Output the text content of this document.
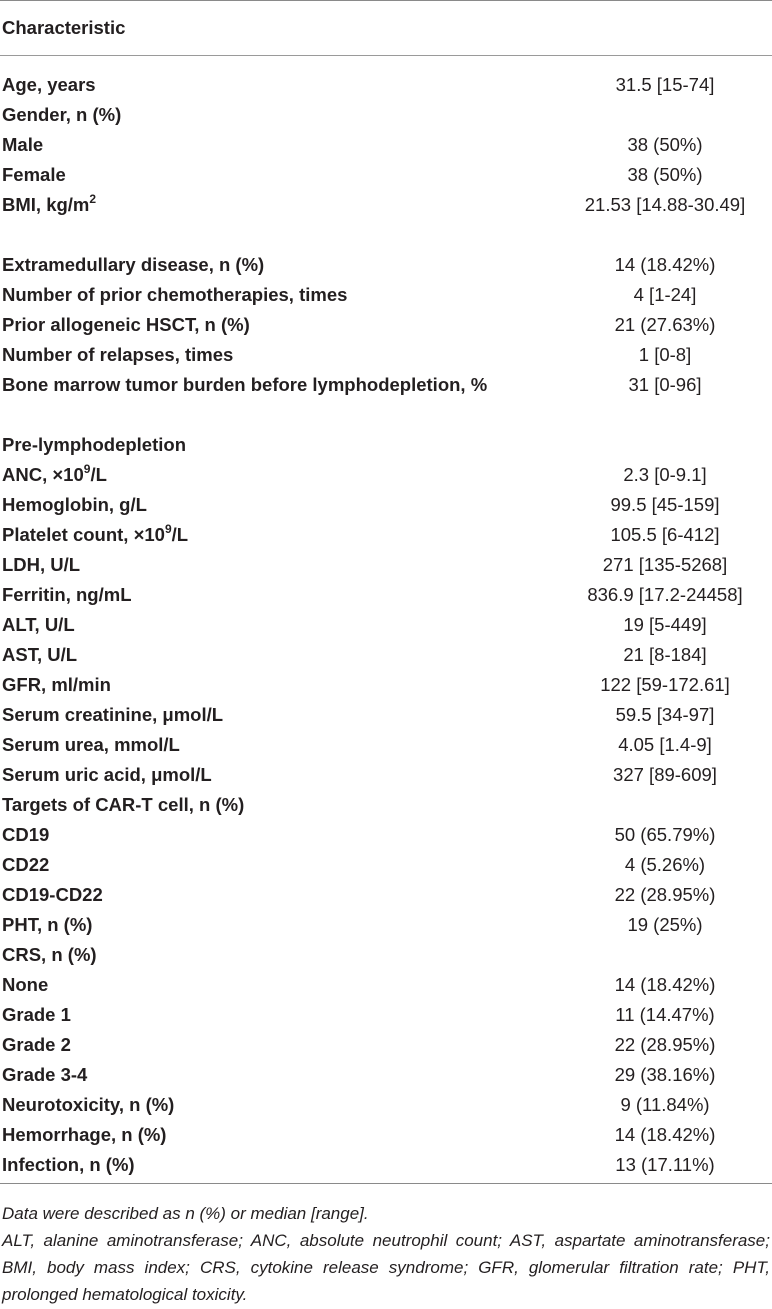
Characteristic
Age, years	31.5 [15-74]
Gender, n (%)
Male	38 (50%)
Female	38 (50%)
BMI, $kg/m^2$	21.53 [14.88-30.49]
Extramedullary disease, n (%)	14 (18.42%)
Number of prior chemotherapies, times	4 [1-24]
Prior allogeneic HSCT, n (%)	21 (27.63%)
Number of relapses, times	1 [0-8]
Bone marrow tumor burden before lymphodepletion, %	31 [0-96]
Pre-lymphodepletion
ANC, $\times 10^9/L$	2.3 [0-9.1]
Hemoglobin, g/L	99.5 [45-159]
Platelet count, $\times 10^9/L$	105.5 [6-412]
LDH, U/L	271 [135-5268]
Ferritin, ng/mL	836.9 [17.2-24458]
ALT, U/L	19 [5-449]
AST, U/L	21 [8-184]
GFR, ml/min	122 [59-172.61]
Serum creatinine, μmol/L	59.5 [34-97]
Serum urea, mmol/L	4.05 [1.4-9]
Serum uric acid, μmol/L	327 [89-609]
Targets of CAR-T cell, n (%)
CD19	50 (65.79%)
CD22	4 (5.26%)
CD19-CD22	22 (28.95%)
PHT, n (%)	19 (25%)
CRS, n (%)
None	14 (18.42%)
Grade 1	11 (14.47%)
Grade 2	22 (28.95%)
Grade 3-4	29 (38.16%)
Neurotoxicity, n (%)	9 (11.84%)
Hemorrhage, n (%)	14 (18.42%)
Infection, n (%)	13 (17.11%)
Data were described as n (%) or median [range].
ALT, alanine aminotransferase; ANC, absolute neutrophil count; AST, aspartate aminotransferase; BMI, body mass index; CRS, cytokine release syndrome; GFR, glomerular filtration rate; PHT, prolonged hematological toxicity.
